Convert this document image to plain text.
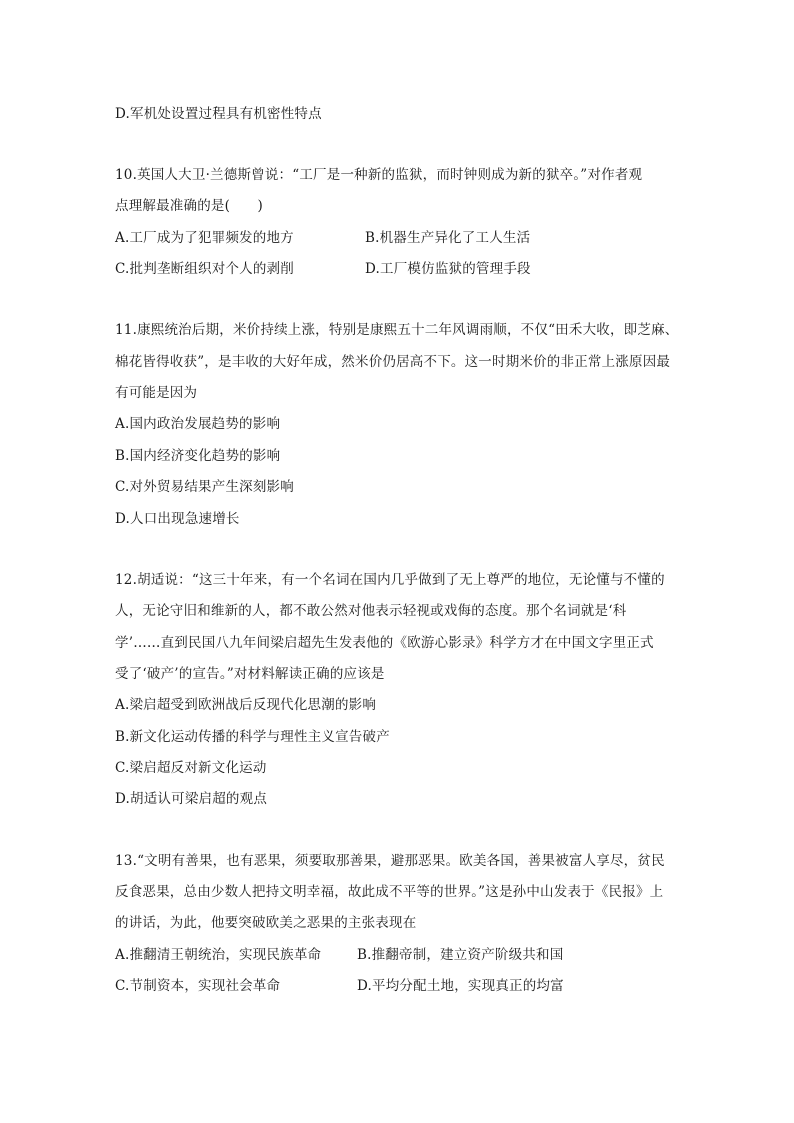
D.军机处设置过程具有机密性特点
10.英国人大卫·兰德斯曾说：“工厂是一种新的监狱，而时钟则成为新的狱卒。”对作者观
点理解最准确的是(　　)
A.工厂成为了犯罪频发的地方	B.机器生产异化了工人生活
C.批判垄断组织对个人的剥削	D.工厂模仿监狱的管理手段
11.康熙统治后期，米价持续上涨，特别是康熙五十二年风调雨顺，不仅“田禾大收，即芝麻、
棉花皆得收获”，是丰收的大好年成，然米价仍居高不下。这一时期米价的非正常上涨原因最
有可能是因为
A.国内政治发展趋势的影响
B.国内经济变化趋势的影响
C.对外贸易结果产生深刻影响
D.人口出现急速增长
12.胡适说：“这三十年来，有一个名词在国内几乎做到了无上尊严的地位，无论懂与不懂的
人，无论守旧和维新的人，都不敢公然对他表示轻视或戏侮的态度。那个名词就是‘科
学’……直到民国八九年间梁启超先生发表他的《欧游心影录》科学方才在中国文字里正式
受了‘破产’的宣告。”对材料解读正确的应该是
A.梁启超受到欧洲战后反现代化思潮的影响
B.新文化运动传播的科学与理性主义宣告破产
C.梁启超反对新文化运动
D.胡适认可梁启超的观点
13.“文明有善果，也有恶果，须要取那善果，避那恶果。欧美各国，善果被富人享尽，贫民
反食恶果，总由少数人把持文明幸福，故此成不平等的世界。”这是孙中山发表于《民报》上
的讲话，为此，他要突破欧美之恶果的主张表现在
A.推翻清王朝统治，实现民族革命	B.推翻帝制，建立资产阶级共和国
C.节制资本，实现社会革命	D.平均分配土地，实现真正的均富
